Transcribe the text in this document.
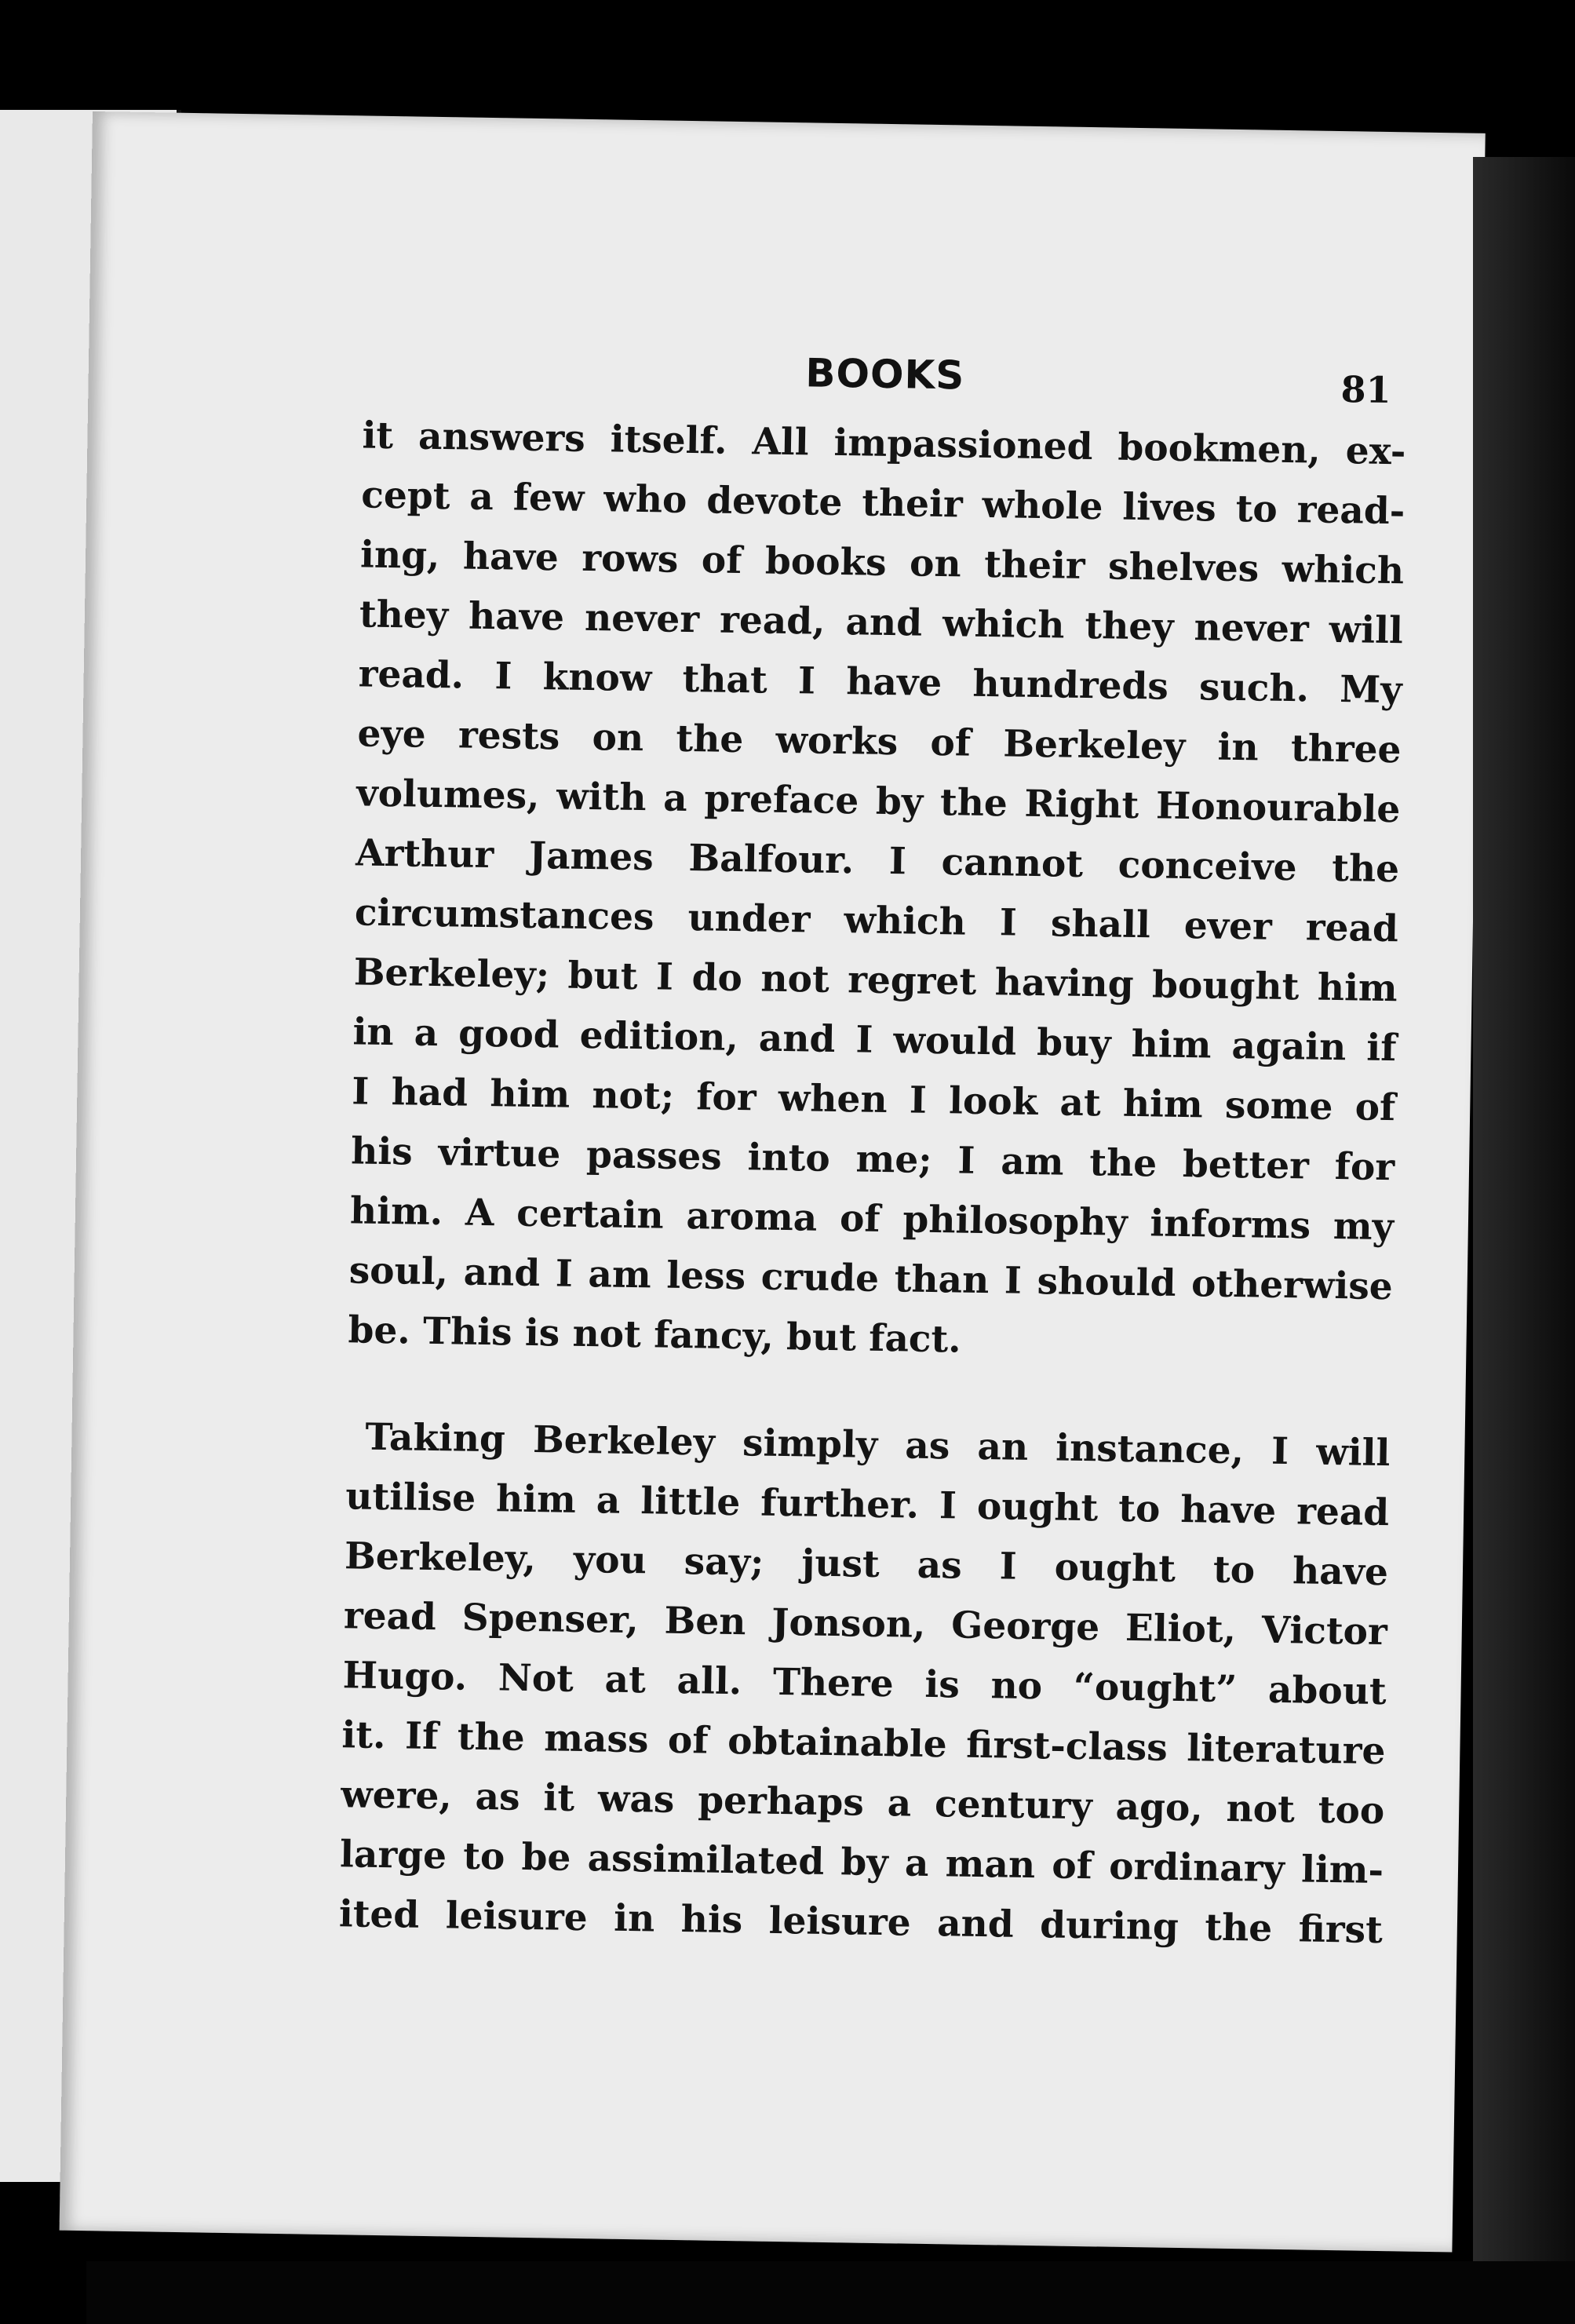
BOOKS	81
it answers itself. All impassioned bookmen, ex-
cept a few who devote their whole lives to read-
ing, have rows of books on their shelves which
they have never read, and which they never will
read. I know that I have hundreds such. My
eye rests on the works of Berkeley in three
volumes, with a preface by the Right Honourable
Arthur James Balfour. I cannot conceive the
circumstances under which I shall ever read
Berkeley; but I do not regret having bought him
in a good edition, and I would buy him again if
I had him not; for when I look at him some of
his virtue passes into me; I am the better for
him. A certain aroma of philosophy informs my
soul, and I am less crude than I should otherwise
be. This is not fancy, but fact.
Taking Berkeley simply as an instance, I will
utilise him a little further. I ought to have read
Berkeley, you say; just as I ought to have
read Spenser, Ben Jonson, George Eliot, Victor
Hugo. Not at all. There is no “ought” about
it. If the mass of obtainable first-class literature
were, as it was perhaps a century ago, not too
large to be assimilated by a man of ordinary lim-
ited leisure in his leisure and during the first
